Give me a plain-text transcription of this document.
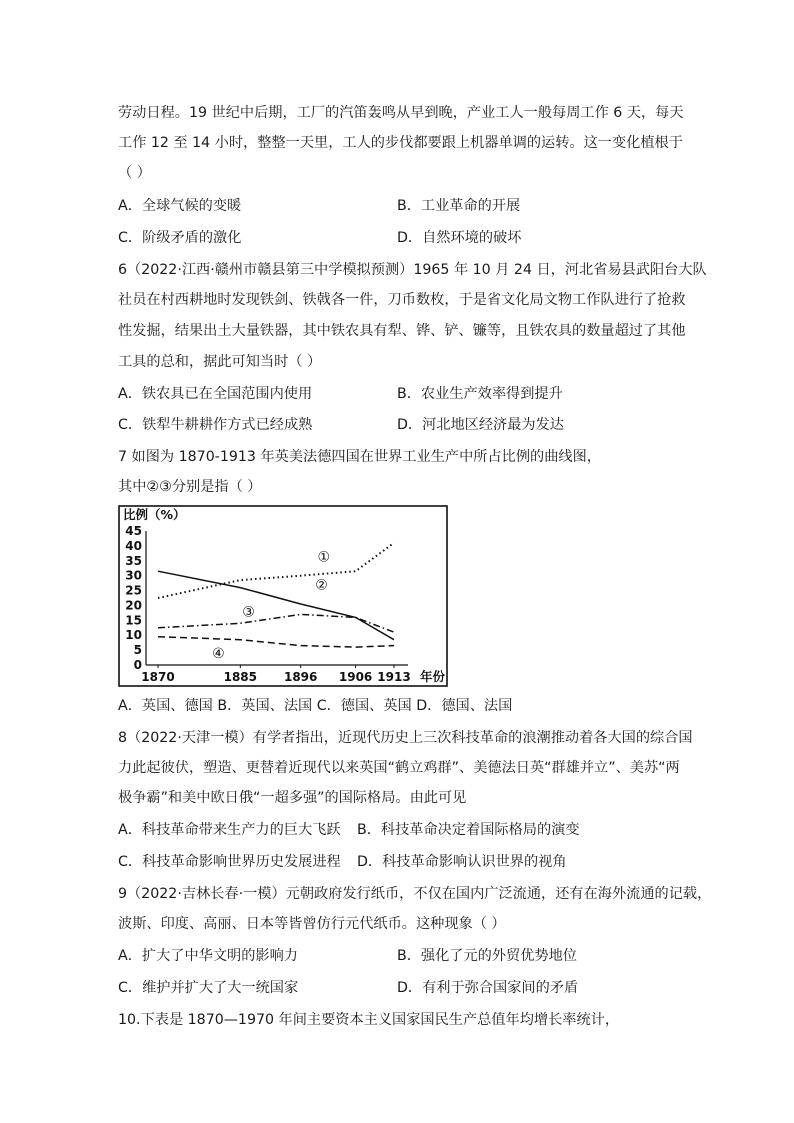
劳动日程。19 世纪中后期，工厂的汽笛轰鸣从早到晚，产业工人一般每周工作 6 天，每天
工作 12 至 14 小时，整整一天里，工人的步伐都要跟上机器单调的运转。这一变化植根于
（ ）
A．全球气候的变暖	B．工业革命的开展
C．阶级矛盾的激化	D．自然环境的破坏
6（2022·江西·赣州市赣县第三中学模拟预测）1965 年 10 月 24 日，河北省易县武阳台大队
社员在村西耕地时发现铁剑、铁戟各一件，刀币数枚，于是省文化局文物工作队进行了抢救
性发掘，结果出土大量铁器，其中铁农具有犁、铧、铲、镰等，且铁农具的数量超过了其他
工具的总和，据此可知当时（ ）
A．铁农具已在全国范围内使用	B．农业生产效率得到提升
C．铁犁牛耕耕作方式已经成熟	D．河北地区经济最为发达
7 如图为 1870-1913 年英美法德四国在世界工业生产中所占比例的曲线图，
其中②③分别是指（ ）
比例（%）
年份
45
40
35
30
25
20
15
10
5
0
1870	1885 1896 1906 1913
①
②
③
④
A．英国、德国 B．英国、法国 C．德国、英国 D．德国、法国
8（2022·天津一模）有学者指出，近现代历史上三次科技革命的浪潮推动着各大国的综合国
力此起彼伏，塑造、更替着近现代以来英国“鹤立鸡群”、美德法日英“群雄并立”、美苏“两
极争霸”和美中欧日俄“一超多强”的国际格局。由此可见
A．科技革命带来生产力的巨大飞跃 B．科技革命决定着国际格局的演变
C．科技革命影响世界历史发展进程 D．科技革命影响认识世界的视角
9（2022·吉林长春·一模）元朝政府发行纸币，不仅在国内广泛流通，还有在海外流通的记载，
波斯、印度、高丽、日本等皆曾仿行元代纸币。这种现象（ ）
A．扩大了中华文明的影响力	B．强化了元的外贸优势地位
C．维护并扩大了大一统国家	D．有利于弥合国家间的矛盾
10.下表是 1870—1970 年间主要资本主义国家国民生产总值年均增长率统计，
